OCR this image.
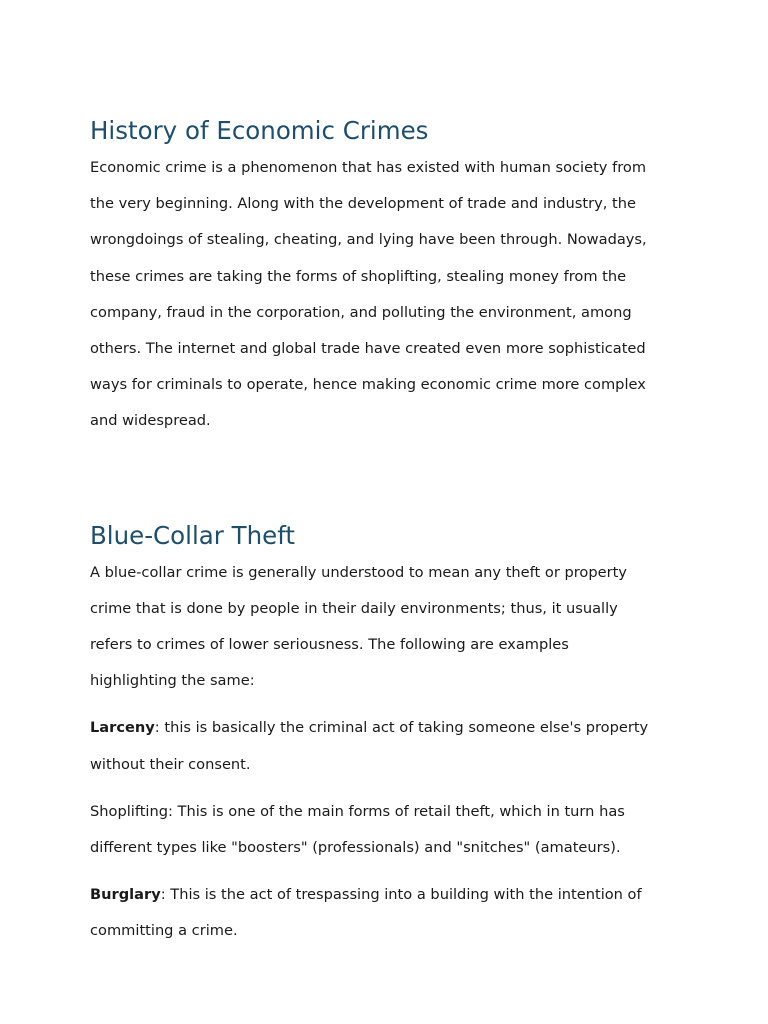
History of Economic Crimes

Economic crime is a phenomenon that has existed with human society from
the very beginning. Along with the development of trade and industry, the
wrongdoings of stealing, cheating, and lying have been through. Nowadays,
these crimes are taking the forms of shoplifting, stealing money from the
company, fraud in the corporation, and polluting the environment, among
others. The internet and global trade have created even more sophisticated
ways for criminals to operate, hence making economic crime more complex
and widespread.

Blue-Collar Theft

A blue-collar crime is generally understood to mean any theft or property
crime that is done by people in their daily environments; thus, it usually
refers to crimes of lower seriousness. The following are examples
highlighting the same:

Larceny: this is basically the criminal act of taking someone else's property
without their consent.

Shoplifting: This is one of the main forms of retail theft, which in turn has
different types like "boosters" (professionals) and "snitches" (amateurs).

Burglary: This is the act of trespassing into a building with the intention of
committing a crime.
